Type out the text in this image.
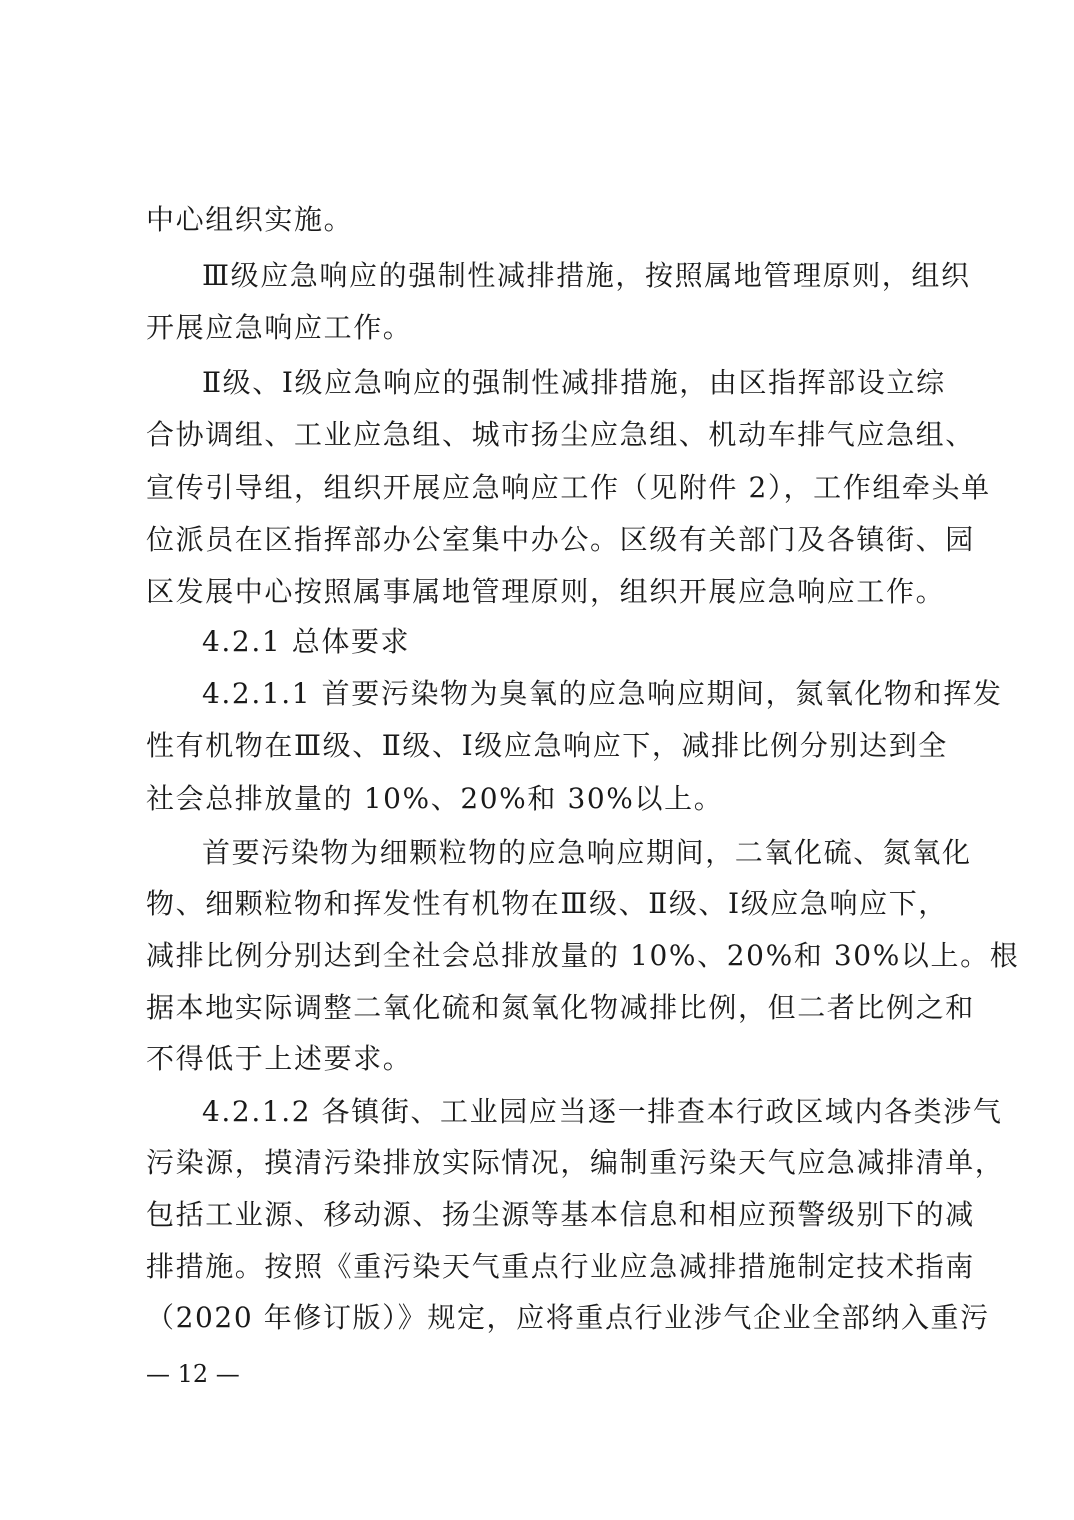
中心组织实施。
Ⅲ级应急响应的强制性减排措施，按照属地管理原则，组织
开展应急响应工作。
Ⅱ级、Ⅰ级应急响应的强制性减排措施，由区指挥部设立综
合协调组、工业应急组、城市扬尘应急组、机动车排气应急组、
宣传引导组，组织开展应急响应工作（见附件 2），工作组牵头单
位派员在区指挥部办公室集中办公。区级有关部门及各镇街、园
区发展中心按照属事属地管理原则，组织开展应急响应工作。
4.2.1 总体要求
4.2.1.1 首要污染物为臭氧的应急响应期间，氮氧化物和挥发
性有机物在Ⅲ级、Ⅱ级、Ⅰ级应急响应下，减排比例分别达到全
社会总排放量的 10%、20%和 30%以上。
首要污染物为细颗粒物的应急响应期间，二氧化硫、氮氧化
物、细颗粒物和挥发性有机物在Ⅲ级、Ⅱ级、Ⅰ级应急响应下，
减排比例分别达到全社会总排放量的 10%、20%和 30%以上。根
据本地实际调整二氧化硫和氮氧化物减排比例，但二者比例之和
不得低于上述要求。
4.2.1.2 各镇街、工业园应当逐一排查本行政区域内各类涉气
污染源，摸清污染排放实际情况，编制重污染天气应急减排清单，
包括工业源、移动源、扬尘源等基本信息和相应预警级别下的减
排措施。按照《重污染天气重点行业应急减排措施制定技术指南
（2020 年修订版）》规定，应将重点行业涉气企业全部纳入重污
— 12 —
